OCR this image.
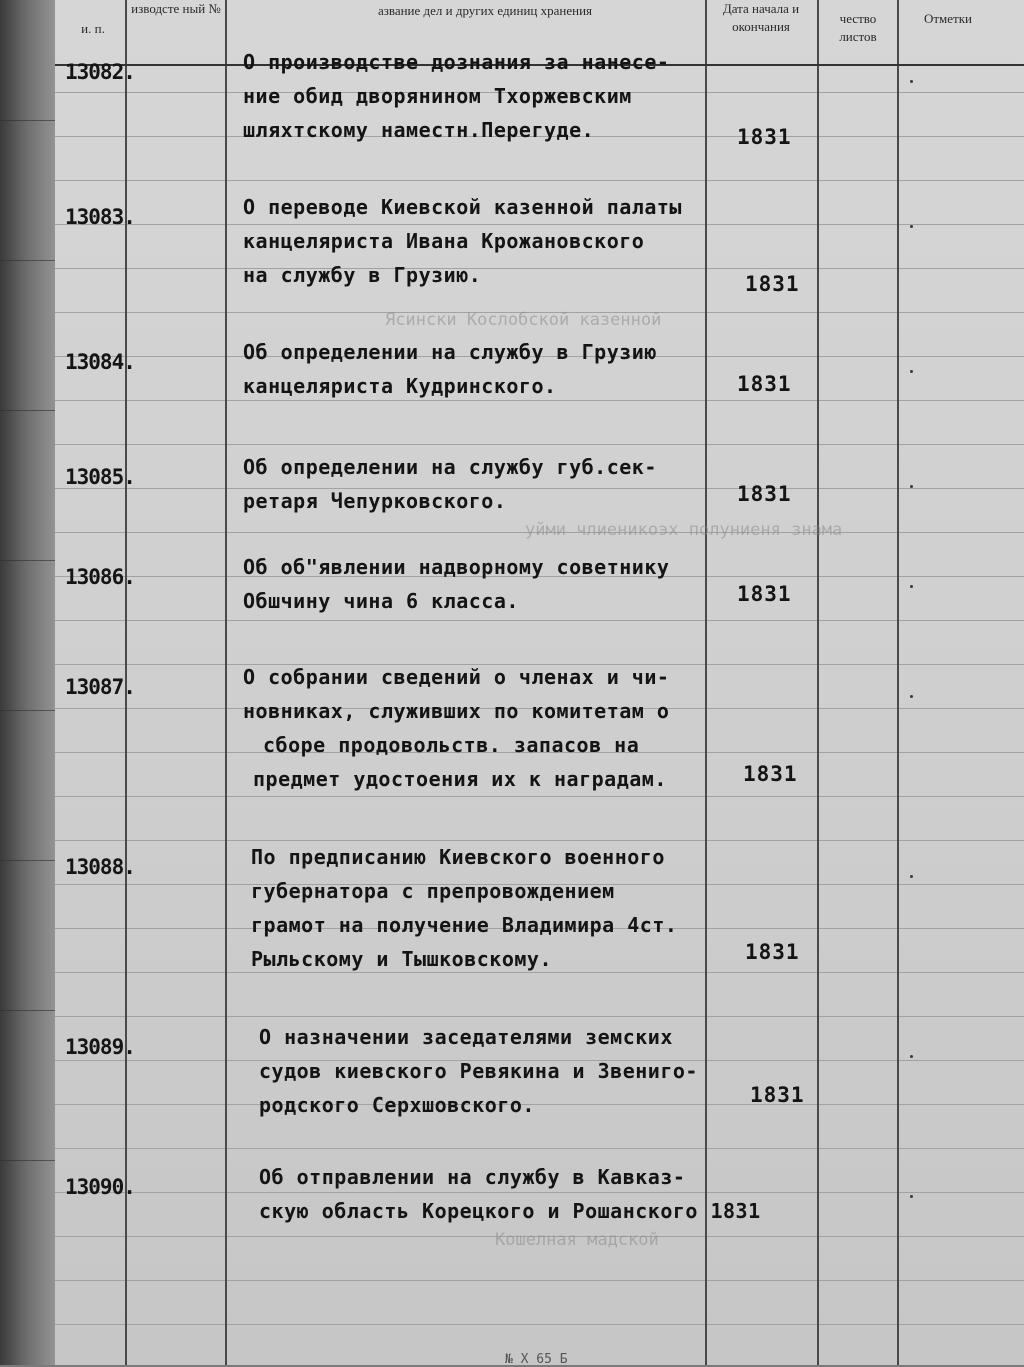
и. п.
изводсте ный №	азвание дел и других единиц хранения	Дата начала и окончания
чество листов
Отметки
Ясински Кослобской казенной
уйми члиеникоэх полуниеня знама
Кошелная мадской
13082.	О производстве дознания за нанесе-
ние обид дворянином Тхоржевским
шляхтскому наместн.Перегуде.	1831
13083.	О переводе Киевской казенной палаты
канцеляриста Ивана Крожановского
на службу в Грузию.	1831
13084.	Об определении на службу в Грузию
канцеляриста Кудринского.	1831
13085.	Об определении на службу губ.сек-
ретаря Чепурковского.	1831
13086.	Об об"явлении надворному советнику
Обшчину чина 6 класса.	1831
13087.	О собрании сведений о членах и чи-
новниках, служивших по комитетам о
сборе продовольств. запасов на
предмет удостоения их к наградам.	1831
13088.	По предписанию Киевского военного
губернатора с препровождением
грамот на получение Владимира 4ст.
Рыльскому и Тышковскому.	1831
13089.	О назначении заседателями земских
судов киевского Ревякина и Звениго-
родского Серхшовского.	1831
13090.	Об отправлении на службу в Кавказ-
скую область Корецкого и Рошанского 1831
№ Х 65 Б
